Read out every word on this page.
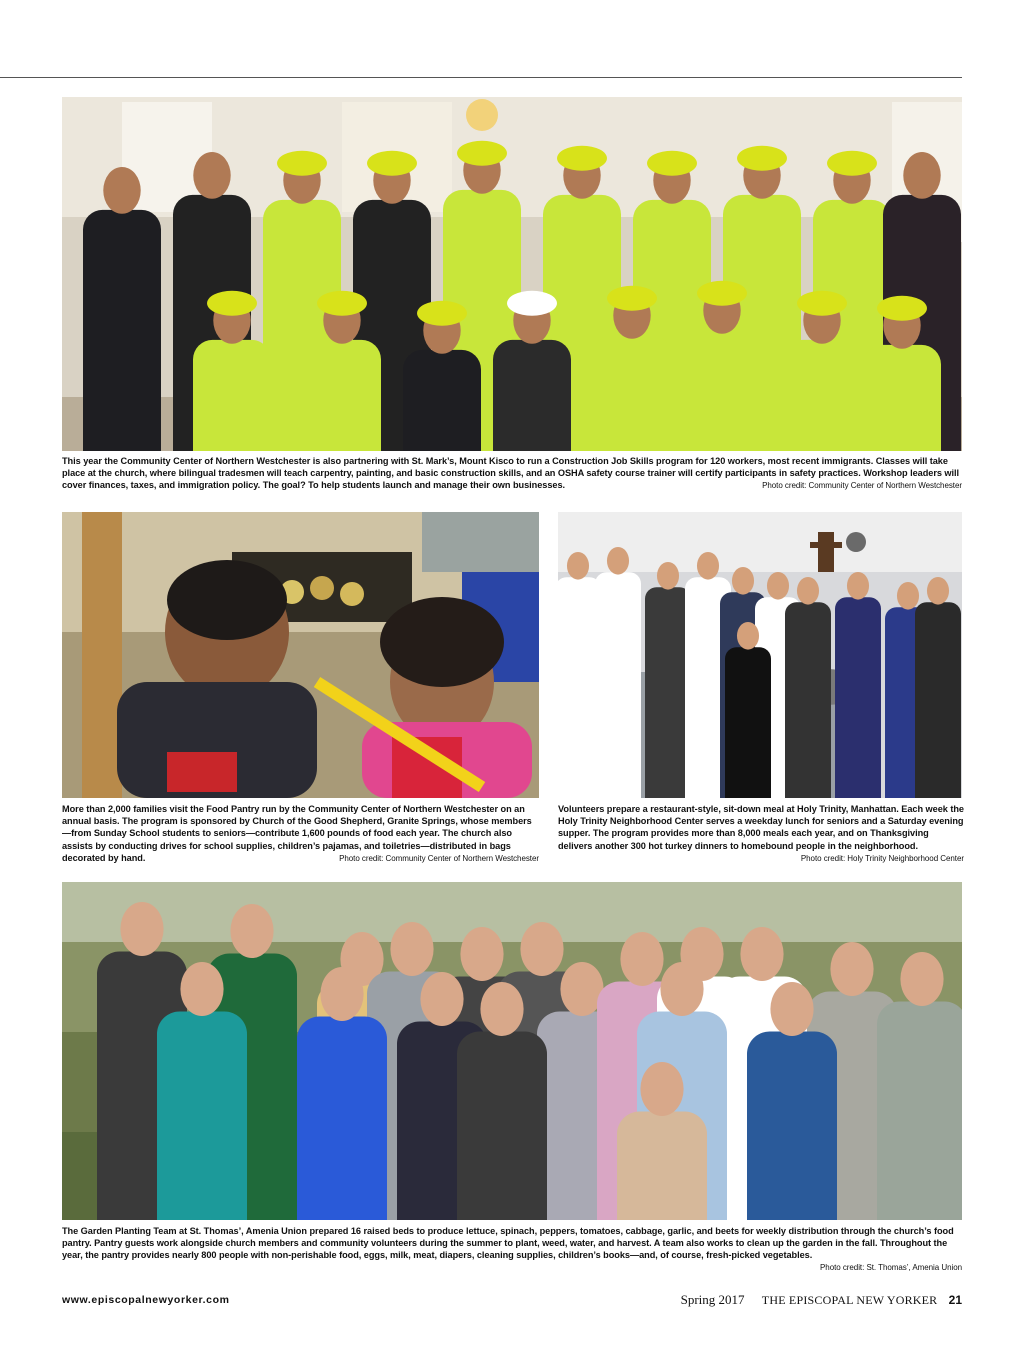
This year the Community Center of Northern Westchester is also partnering with St. Mark’s, Mount Kisco to run a Construction Job Skills program for 120 workers, most recent immigrants. Classes will take place at the church, where bilingual tradesmen will teach carpentry, painting, and basic construction skills, and an OSHA safety course trainer will certify participants in safety practices. Workshop leaders will cover finances, taxes, and immigration policy. The goal? To help students launch and manage their own businesses.	Photo credit: Community Center of Northern Westchester
More than 2,000 families visit the Food Pantry run by the Community Center of Northern Westchester on an annual basis. The program is sponsored by Church of the Good Shepherd, Granite Springs, whose members—from Sunday School students to seniors—contribute 1,600 pounds of food each year. The church also assists by conducting drives for school supplies, children’s pajamas, and toiletries—distributed in bags decorated by hand.	Photo credit: Community Center of Northern Westchester
Volunteers prepare a restaurant-style, sit-down meal at Holy Trinity, Manhattan. Each week the Holy Trinity Neighborhood Center serves a weekday lunch for seniors and a Saturday evening supper. The program provides more than 8,000 meals each year, and on Thanksgiving delivers another 300 hot turkey dinners to homebound people in the neighborhood.
Photo credit: Holy Trinity Neighborhood Center
The Garden Planting Team at St. Thomas’, Amenia Union prepared 16 raised beds to produce lettuce, spinach, peppers, tomatoes, cabbage, garlic, and beets for weekly distribution through the church’s food pantry. Pantry guests work alongside church members and community volunteers during the summer to plant, weed, water, and harvest. A team also works to clean up the garden in the fall. Throughout the year, the pantry provides nearly 800 people with non-perishable food, eggs, milk, meat, diapers, cleaning supplies, children’s books—and, of course, fresh-picked vegetables.
Photo credit: St. Thomas’, Amenia Union
www.episcopalnewyorker.com	Spring 2017 THE EPISCOPAL NEW YORKER 21
